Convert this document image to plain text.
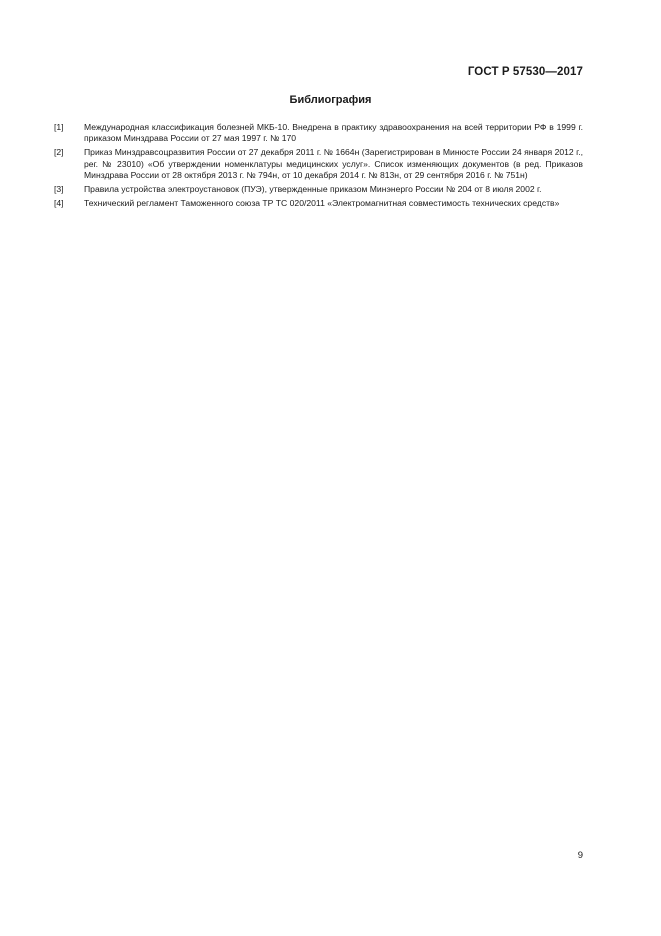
ГОСТ Р 57530—2017
Библиография
[1]	Международная классификация болезней МКБ-10. Внедрена в практику здравоохранения на всей территории РФ в 1999 г. приказом Минздрава России от 27 мая 1997 г. № 170
[2]	Приказ Минздравсоцразвития России от 27 декабря 2011 г. № 1664н (Зарегистрирован в Минюсте России 24 января 2012 г., рег. № 23010) «Об утверждении номенклатуры медицинских услуг». Список изменяющих документов (в ред. Приказов Минздрава России от 28 октября 2013 г. № 794н, от 10 декабря 2014 г. № 813н, от 29 сентября 2016 г. № 751н)
[3]	Правила устройства электроустановок (ПУЭ), утвержденные приказом Минэнерго России № 204 от 8 июля 2002 г.
[4]	Технический регламент Таможенного союза ТР ТС 020/2011 «Электромагнитная совместимость технических средств»
9
